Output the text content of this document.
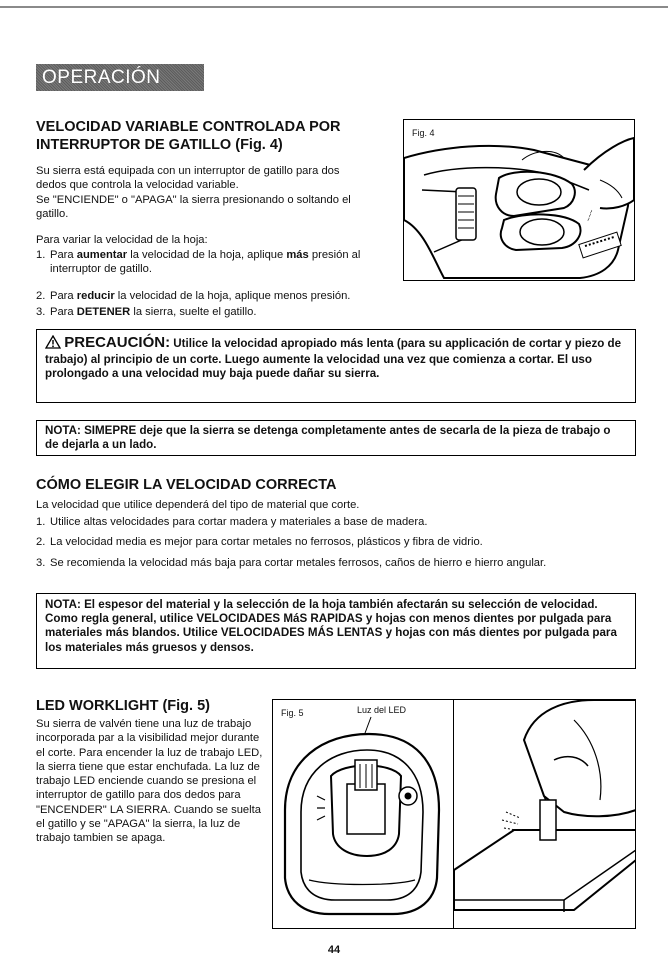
OPERACIÓN cont.
VELOCIDAD VARIABLE CONTROLADA POR
INTERRUPTOR DE GATILLO (Fig. 4)
Su sierra está equipada con un interruptor de gatillo para dos dedos que controla la velocidad variable.
Se "ENCIENDE" o "APAGA" la sierra presionando o soltando el gatillo.
Para variar la velocidad de la hoja:
1. Para aumentar la velocidad de la hoja, aplique más presión al interruptor de gatillo.
2. Para reducir la velocidad de la hoja, aplique menos presión.
3. Para DETENER la sierra, suelte el gatillo.
Fig. 4
~~~
PRECAUCIÓN: Utilice la velocidad apropiado más lenta (para su applicación de cortar y piezo de trabajo) al principio de un corte. Luego aumente la velocidad una vez que comienza a cortar. El uso prolongado a una velocidad muy baja puede dañar su sierra.
NOTA: SIMEPRE deje que la sierra se detenga completamente antes de secarla de la pieza de trabajo o de dejarla a un lado.
CÓMO ELEGIR LA VELOCIDAD CORRECTA
La velocidad que utilice dependerá del tipo de material que corte.
1. Utilice altas velocidades para cortar madera y materiales a base de madera.
2. La velocidad media es mejor para cortar metales no ferrosos, plásticos y fibra de vidrio.
3. Se recomienda la velocidad más baja para cortar metales ferrosos, caños de hierro e hierro angular.
NOTA: El espesor del material y la selección de la hoja también afectarán su selección de velocidad. Como regla general, utilice VELOCIDADES MáS RAPIDAS y hojas con menos dientes por pulgada para materiales más blandos. Utilice VELOCIDADES MÁS LENTAS y hojas con más dientes por pulgada para los materiales más gruesos y densos.
LED WORKLIGHT (Fig. 5)
Su sierra de valvén tiene una luz de trabajo incorporada par a la visibilidad mejor durante el corte. Para encender la luz de trabajo LED, la sierra tiene que estar enchufada. La luz de trabajo LED enciende cuando se presiona el interruptor de gatillo para dos dedos para "ENCENDER" LA SIERRA. Cuando se suelta el gatillo y se "APAGA" la sierra, la luz de trabajo tambien se apaga.
Fig. 5	Luz del LED
44
